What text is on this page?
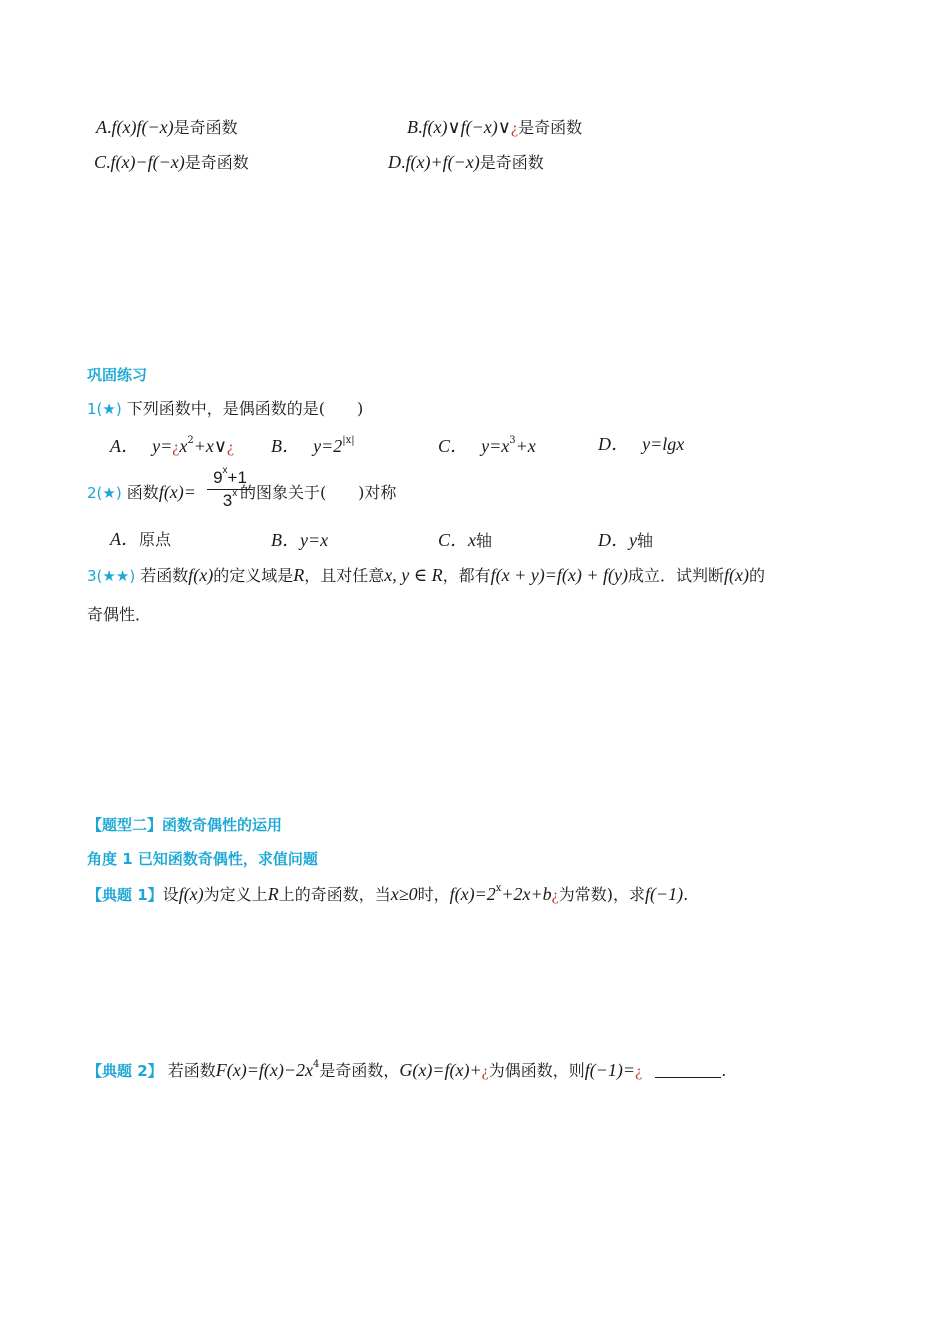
A.f(x)f(−x)是奇函数	B.f(x)∨f(−x)∨¿是奇函数
C.f(x)−f(−x)是奇函数	D.f(x)+f(−x)是奇函数
巩固练习
1(★) 下列函数中，是偶函数的是(　　)
A． $y=¿x^2+x\vee¿$ B． $y=2^{|x|}$	C． $y=x^3+x$	D． y=lgx
2(★) 函数f(x)=	的图象关于(　　)对称
$9^x+1$
3$^x$
A．原点	B．y=x	C．x轴	D．y轴
3(★★) 若函数f(x)的定义域是R，且对任意x, y ∈ R，都有f(x + y)=f(x) + f(y)成立．试判断f(x)的
奇偶性．
【题型二】函数奇偶性的运用
角度 1 已知函数奇偶性，求值问题
【典题 1】设f(x)为定义上R上的奇函数，当x≥0时，$f(x)=2^x+2x+b¿$为常数)，求f(−1).
【典题 2】 若函数$F(x)=f(x)-2x^4$是奇函数，G(x)=f(x)+¿为偶函数，则f(−1)=¿	.
